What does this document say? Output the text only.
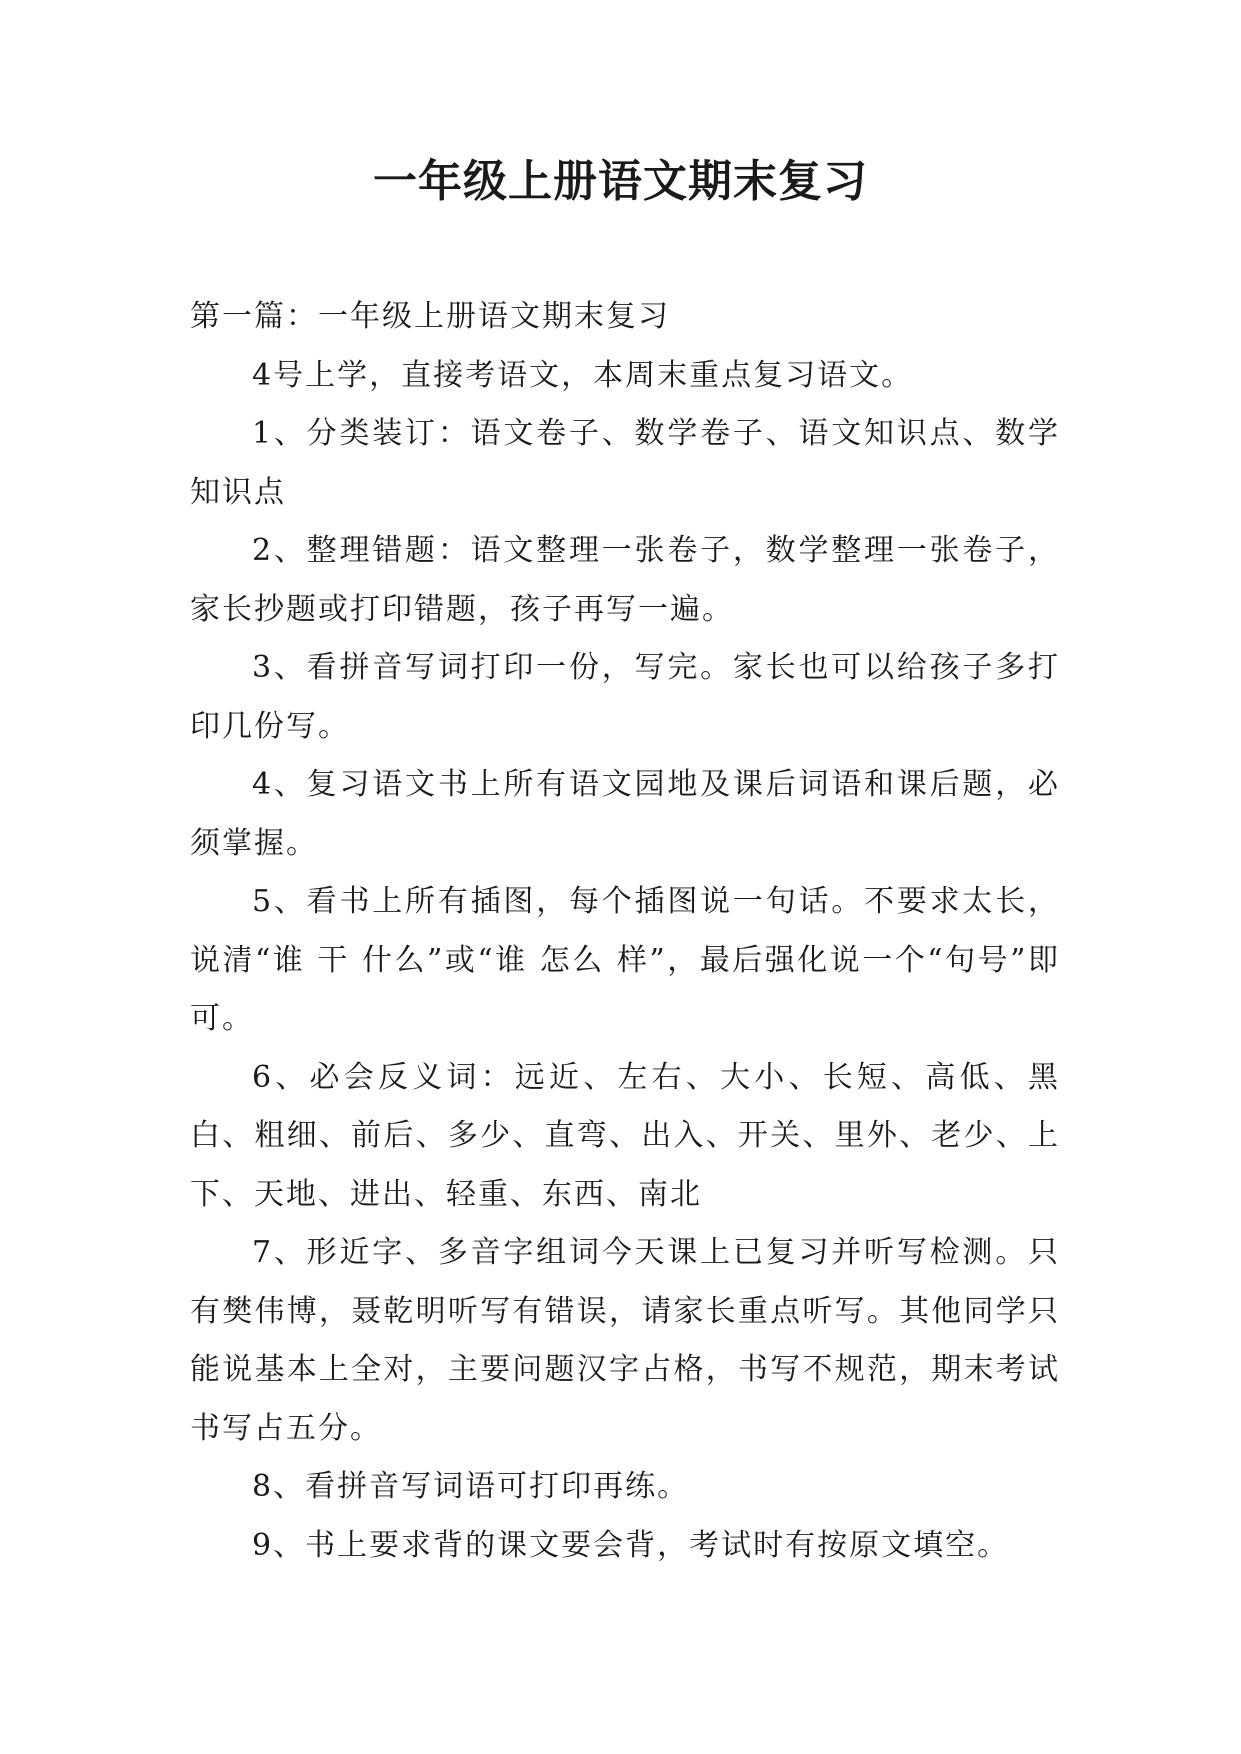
一年级上册语文期末复习

第一篇：一年级上册语文期末复习

4号上学，直接考语文，本周末重点复习语文。

1、分类装订：语文卷子、数学卷子、语文知识点、数学知识点

2、整理错题：语文整理一张卷子，数学整理一张卷子，家长抄题或打印错题，孩子再写一遍。

3、看拼音写词打印一份，写完。家长也可以给孩子多打印几份写。

4、复习语文书上所有语文园地及课后词语和课后题，必须掌握。

5、看书上所有插图，每个插图说一句话。不要求太长，说清“谁 干 什么”或“谁 怎么 样”，最后强化说一个“句号”即可。

6、必会反义词：远近、左右、大小、长短、高低、黑白、粗细、前后、多少、直弯、出入、开关、里外、老少、上下、天地、进出、轻重、东西、南北

7、形近字、多音字组词今天课上已复习并听写检测。只有樊伟博，聂乾明听写有错误，请家长重点听写。其他同学只能说基本上全对，主要问题汉字占格，书写不规范，期末考试书写占五分。

8、看拼音写词语可打印再练。

9、书上要求背的课文要会背，考试时有按原文填空。
